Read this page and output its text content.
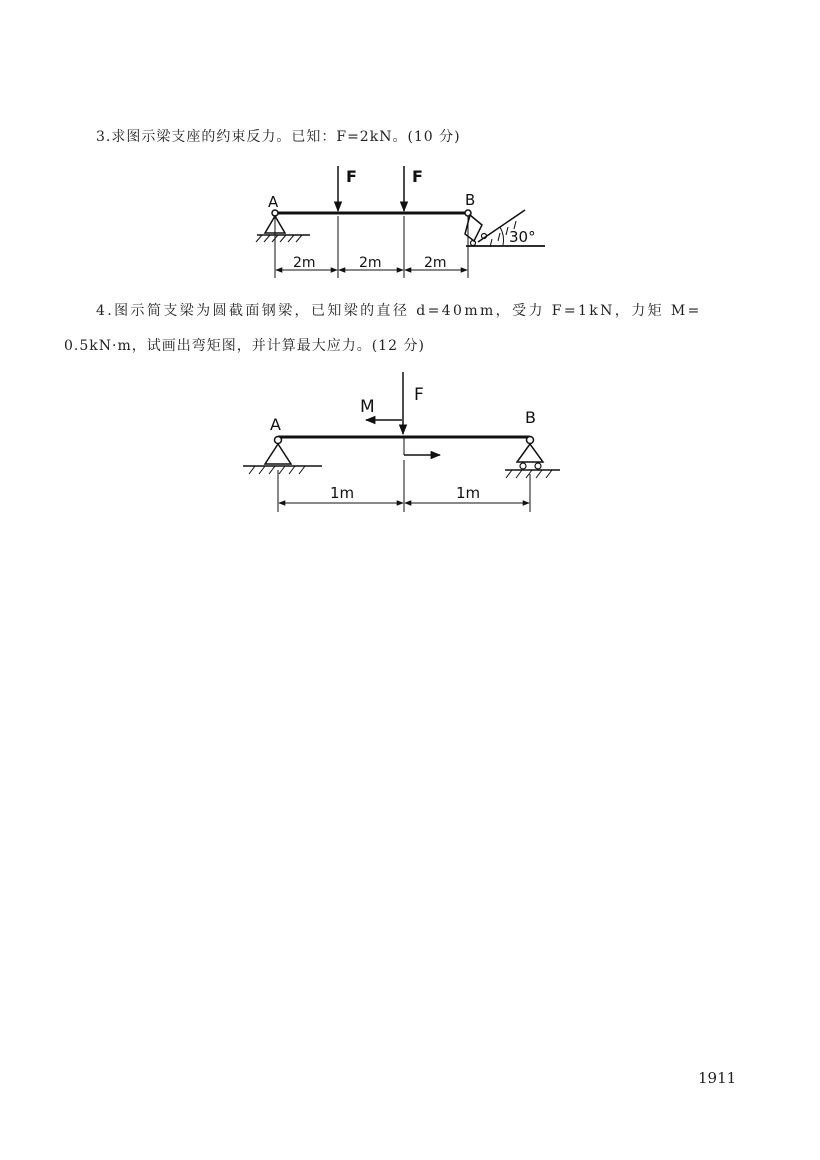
3.求图示梁支座的约束反力。已知：F=2kN。(10 分)
A	B
30°
F	F
2m	2m	2m
A	B
F
M
1m	1m
4.图示简支梁为圆截面钢梁，已知梁的直径 d=40mm，受力 F=1kN，力矩 M=
0.5kN·m，试画出弯矩图，并计算最大应力。(12 分)
1911
